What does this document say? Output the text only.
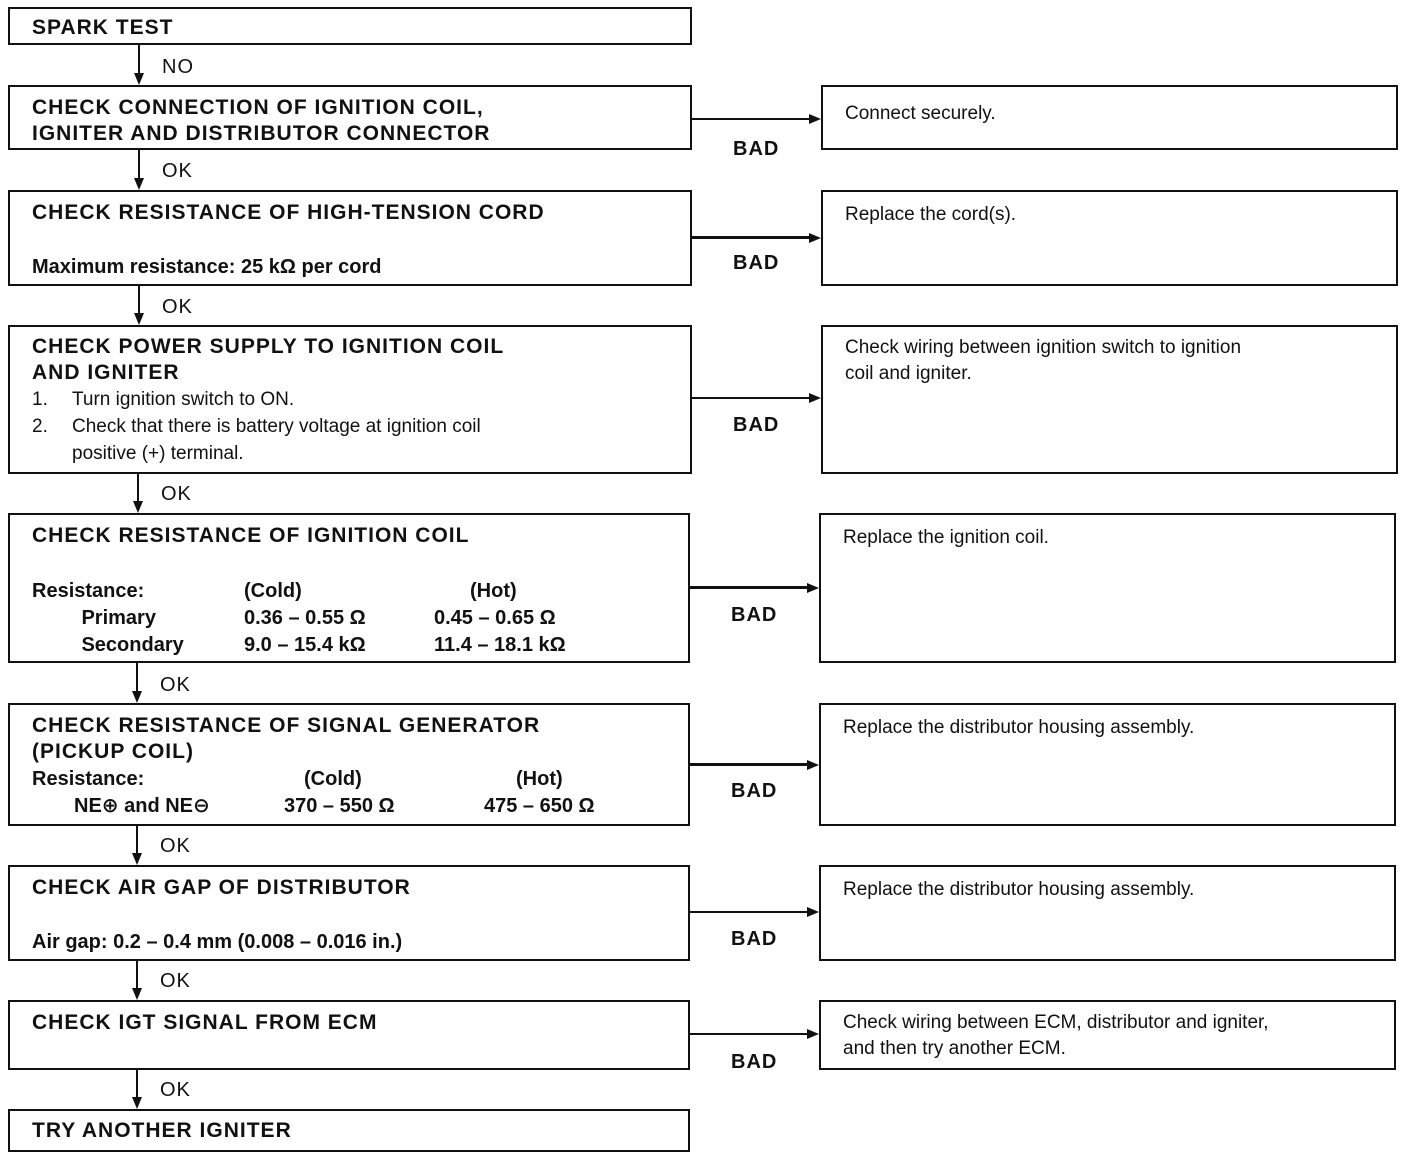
SPARK TEST
CHECK CONNECTION OF IGNITION COIL,
IGNITER AND DISTRIBUTOR CONNECTOR
CHECK RESISTANCE OF HIGH-TENSION CORD
Maximum resistance: 25 kΩ per cord
CHECK POWER SUPPLY TO IGNITION COIL
AND IGNITER
1.	Turn ignition switch to ON.
2.	Check that there is battery voltage at ignition coil
positive (+) terminal.
CHECK RESISTANCE OF IGNITION COIL
Resistance:		(Cold)	(Hot)
	Primary	0.36 – 0.55 Ω	0.45 – 0.65 Ω
	Secondary	9.0 – 15.4 kΩ	11.4 – 18.1 kΩ
CHECK RESISTANCE OF SIGNAL GENERATOR
(PICKUP COIL)
Resistance:		(Cold)	(Hot)
	NE⊕ and NE⊖	370 – 550 Ω	475 – 650 Ω
CHECK AIR GAP OF DISTRIBUTOR
Air gap: 0.2 – 0.4 mm (0.008 – 0.016 in.)
CHECK IGT SIGNAL FROM ECM
TRY ANOTHER IGNITER
Connect securely.
Replace the cord(s).
Check wiring between ignition switch to ignition
coil and igniter.
Replace the ignition coil.
Replace the distributor housing assembly.
Replace the distributor housing assembly.
Check wiring between ECM, distributor and igniter,
and then try another ECM.
NO
OK
OK
OK
OK
OK
OK
OK
BAD
BAD
BAD
BAD
BAD
BAD
BAD
